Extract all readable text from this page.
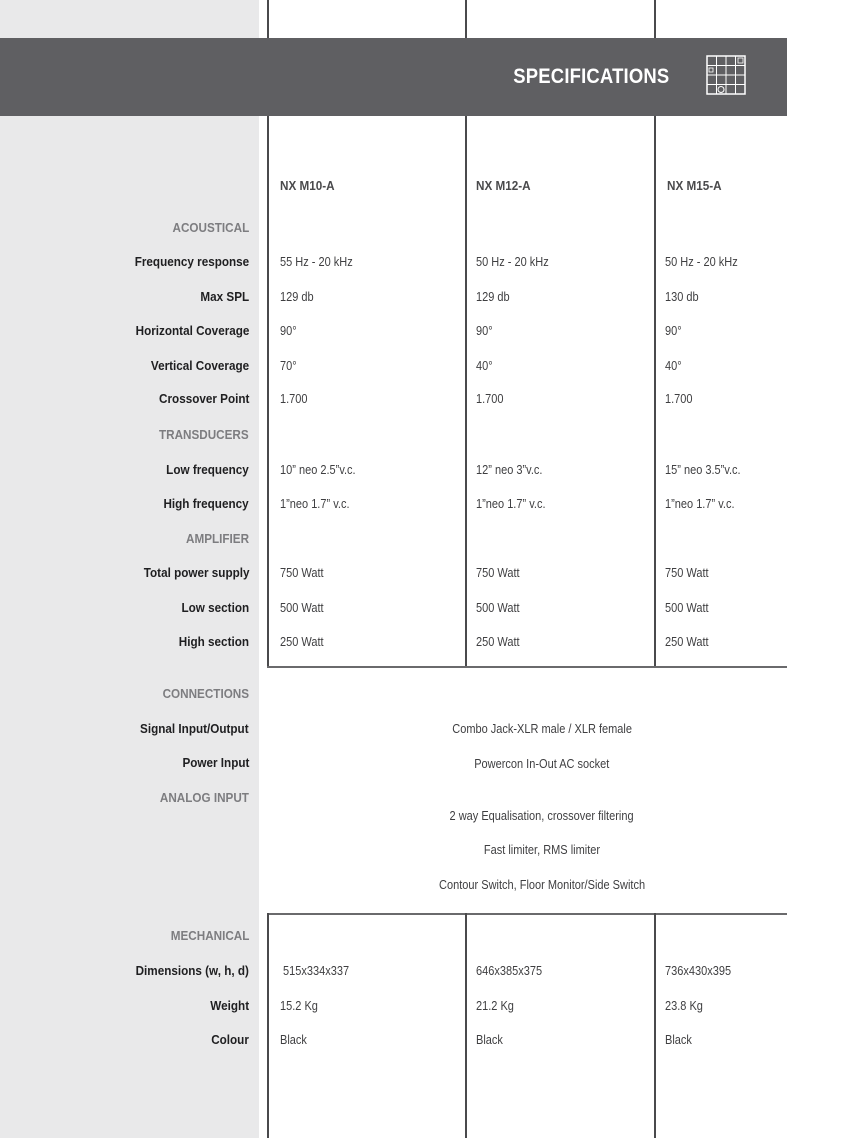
SPECIFICATIONS
NX M10-A	NX M12-A	NX M15-A
ACOUSTICAL
Frequency response 55 Hz - 20 kHz	50 Hz - 20 kHz	50 Hz - 20 kHz
Max SPL 129 db	129 db	130 db
Horizontal Coverage 90°	90°	90°
Vertical Coverage 70°	40°	40°
Crossover Point 1.700	1.700	1.700
TRANSDUCERS
Low frequency 10” neo 2.5”v.c.	12” neo 3”v.c.	15” neo 3.5”v.c.
High frequency 1”neo 1.7” v.c.	1”neo 1.7” v.c.	1”neo 1.7” v.c.
AMPLIFIER
Total power supply 750 Watt	750 Watt	750 Watt
Low section 500 Watt	500 Watt	500 Watt
High section 250 Watt	250 Watt	250 Watt
CONNECTIONS
Signal Input/Output	Combo Jack-XLR male / XLR female
Power Input	Powercon In-Out AC socket
ANALOG INPUT
2 way Equalisation, crossover filtering
Fast limiter, RMS limiter
Contour Switch, Floor Monitor/Side Switch
MECHANICAL
Dimensions (w, h, d)	515x334x337	646x385x375	736x430x395
Weight 15.2 Kg	21.2 Kg	23.8 Kg
Colour Black	Black	Black
